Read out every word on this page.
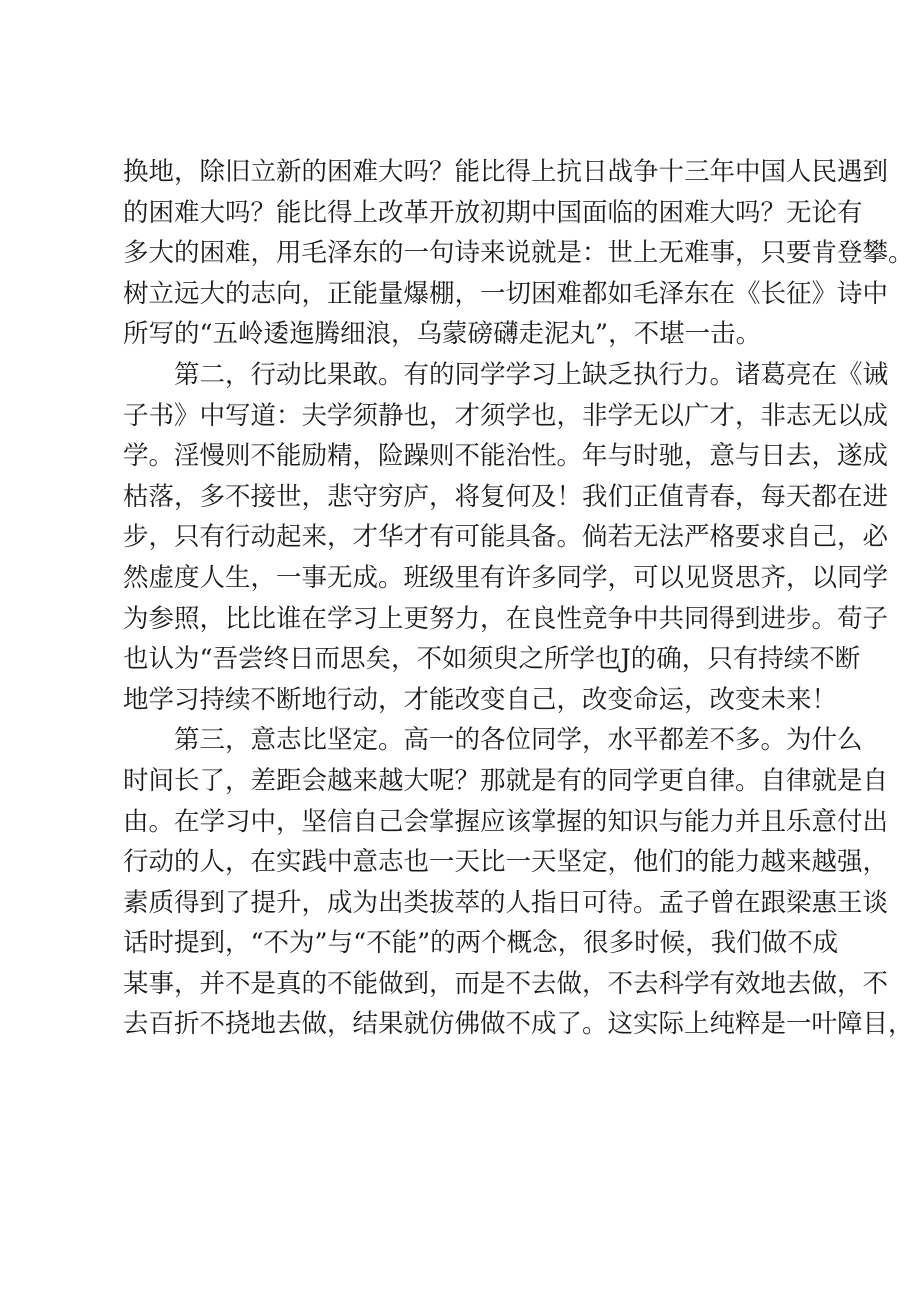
换地，除旧立新的困难大吗？能比得上抗日战争十三年中国人民遇到
的困难大吗？能比得上改革开放初期中国面临的困难大吗？无论有
多大的困难，用毛泽东的一句诗来说就是：世上无难事，只要肯登攀。
树立远大的志向，正能量爆棚，一切困难都如毛泽东在《长征》诗中
所写的“五岭逶迤腾细浪，乌蒙磅礴走泥丸”，不堪一击。
第二，行动比果敢。有的同学学习上缺乏执行力。诸葛亮在《诫
子书》中写道：夫学须静也，才须学也，非学无以广才，非志无以成
学。淫慢则不能励精，险躁则不能治性。年与时驰，意与日去，遂成
枯落，多不接世，悲守穷庐，将复何及！我们正值青春，每天都在进
步，只有行动起来，才华才有可能具备。倘若无法严格要求自己，必
然虚度人生，一事无成。班级里有许多同学，可以见贤思齐，以同学
为参照，比比谁在学习上更努力，在良性竞争中共同得到进步。荀子
也认为“吾尝终日而思矣，不如须臾之所学也J的确，只有持续不断
地学习持续不断地行动，才能改变自己，改变命运，改变未来！
第三，意志比坚定。高一的各位同学，水平都差不多。为什么
时间长了，差距会越来越大呢？那就是有的同学更自律。自律就是自
由。在学习中，坚信自己会掌握应该掌握的知识与能力并且乐意付出
行动的人，在实践中意志也一天比一天坚定，他们的能力越来越强，
素质得到了提升，成为出类拔萃的人指日可待。孟子曾在跟梁惠王谈
话时提到，“不为”与“不能”的两个概念，很多时候，我们做不成
某事，并不是真的不能做到，而是不去做，不去科学有效地去做，不
去百折不挠地去做，结果就仿佛做不成了。这实际上纯粹是一叶障目，
